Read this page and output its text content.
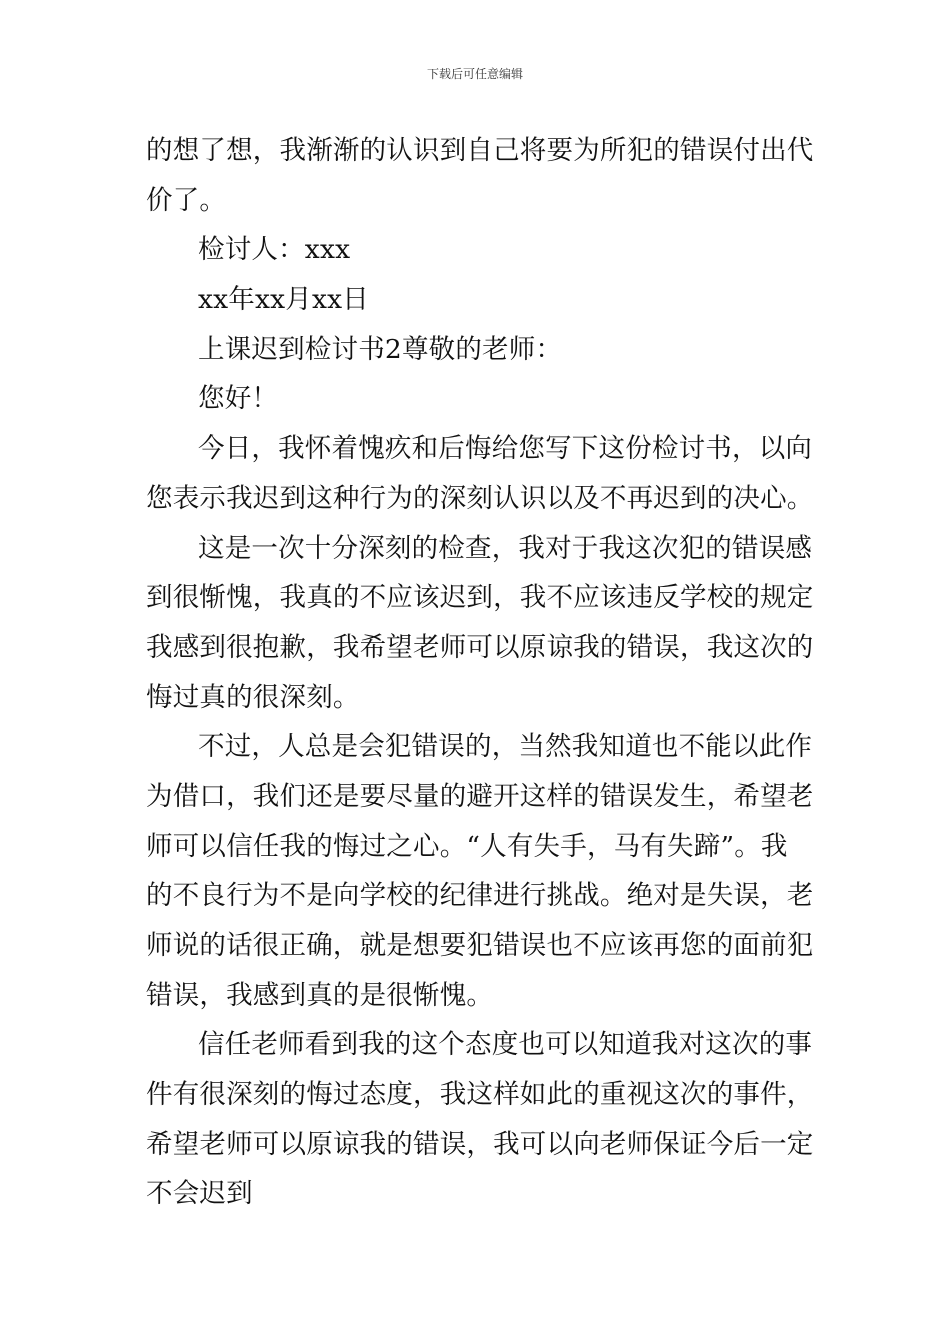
下载后可任意编辑
的想了想，我渐渐的认识到自己将要为所犯的错误付出代
价了。
检讨人：xxx
xx年xx月xx日
上课迟到检讨书2尊敬的老师：
您好！
今日，我怀着愧疚和后悔给您写下这份检讨书，以向
您表示我迟到这种行为的深刻认识以及不再迟到的决心。
这是一次十分深刻的检查，我对于我这次犯的错误感
到很惭愧，我真的不应该迟到，我不应该违反学校的规定
我感到很抱歉，我希望老师可以原谅我的错误，我这次的
悔过真的很深刻。
不过，人总是会犯错误的，当然我知道也不能以此作
为借口，我们还是要尽量的避开这样的错误发生，希望老
师可以信任我的悔过之心。“人有失手，马有失蹄”。我
的不良行为不是向学校的纪律进行挑战。绝对是失误，老
师说的话很正确，就是想要犯错误也不应该再您的面前犯
错误，我感到真的是很惭愧。
信任老师看到我的这个态度也可以知道我对这次的事
件有很深刻的悔过态度，我这样如此的重视这次的事件，
希望老师可以原谅我的错误，我可以向老师保证今后一定
不会迟到
